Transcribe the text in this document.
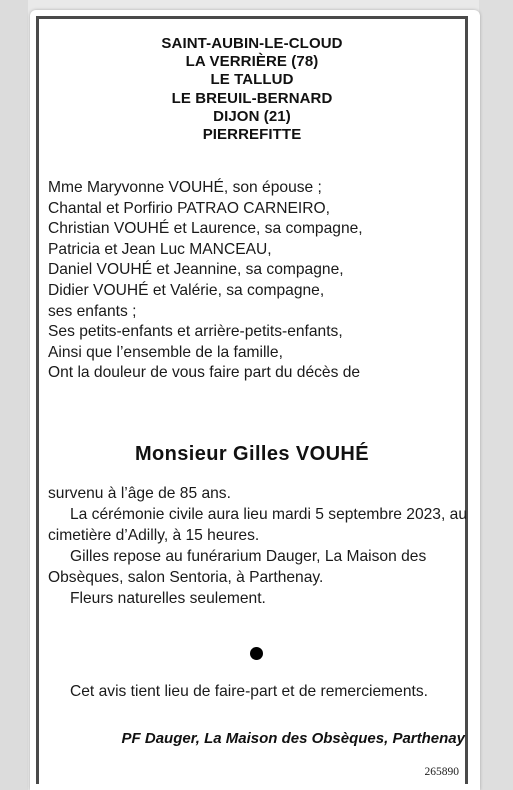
SAINT-AUBIN-LE-CLOUD
LA VERRIÈRE (78)
LE TALLUD
LE BREUIL-BERNARD
DIJON (21)
PIERREFITTE

Mme Maryvonne VOUHÉ, son épouse ;

Chantal et Porfirio PATRAO CARNEIRO,

Christian VOUHÉ et Laurence, sa compagne,

Patricia et Jean Luc MANCEAU,

Daniel VOUHÉ et Jeannine, sa compagne,

Didier VOUHÉ et Valérie, sa compagne,

ses enfants ;

Ses petits-enfants et arrière-petits-enfants,

Ainsi que l’ensemble de la famille,

Ont la douleur de vous faire part du décès de

Monsieur Gilles VOUHÉ

survenu à l’âge de 85 ans.

La cérémonie civile aura lieu mardi 5 septembre 2023, au cimetière d’Adilly, à 15 heures.

Gilles repose au funérarium Dauger, La Maison des Obsèques, salon Sentoria, à Parthenay.

Fleurs naturelles seulement.

Cet avis tient lieu de faire-part et de remerciements.

PF Dauger, La Maison des Obsèques, Parthenay
265890
